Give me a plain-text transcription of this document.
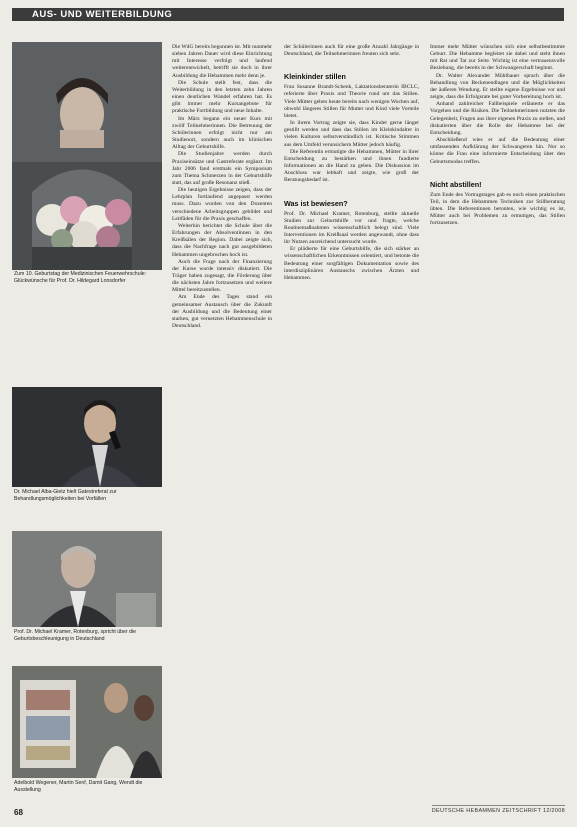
AUS- UND WEITERBILDUNG
Zum 10. Geburtstag der Medizinischen Feuerwehrschule: Glückwünsche für Prof. Dr. Hildegard Lonsdorfer
Dr. Michael Alba-Gietz hielt Gatestreferat zur Behandlungsmöglichkeiten bei Vorfällen
Prof. Dr. Michael Kramer, Rotenburg, spricht über die Geburtsbeschleunigung in Deutschland
Adelbold Wegener, Martin Senf, Damit Gang, Wendt die Ausstellung

Die WdG bereits begonnen ist. Mit nunmehr sieben Jahren Dauer wird diese Einrichtung mit Interesse verfolgt und laufend weiterentwickelt, betrifft sie doch in ihrer Ausbildung die Hebammen mehr denn je.

Die Schule stellt fest, dass die Weiterbildung in den letzten zehn Jahren einen deutlichen Wandel erfahren hat. Es gibt immer mehr Kursangebote für praktische Fortbildung und neue Inhalte.

Im März begann ein neuer Kurs mit zwölf Teilnehmerinnen. Die Betreuung der Schülerinnen erfolgt nicht nur am Studienort, sondern auch im klinischen Alltag der Geburtshilfe.

Die Studienjahre werden durch Praxiseinsätze und Gastreferate ergänzt. Im Jahr 2006 fand erstmals ein Symposium zum Thema Schmerzen in der Geburtshilfe statt, das auf große Resonanz stieß.

Die heutigen Ergebnisse zeigen, dass der Lehrplan fortlaufend angepasst werden muss. Dazu wurden von den Dozenten verschiedene Arbeitsgruppen gebildet und Leitfäden für die Praxis geschaffen.

Weiterhin berichtet die Schule über die Erfahrungen der Absolventinnen in den Kreißsälen der Region. Dabei zeigte sich, dass die Nachfrage nach gut ausgebildeten Hebammen ungebrochen hoch ist.

Auch die Frage nach der Finanzierung der Kurse wurde intensiv diskutiert. Die Träger haben zugesagt, die Förderung über die nächsten Jahre fortzusetzen und weitere Mittel bereitzustellen.

Am Ende des Tages stand ein gemeinsamer Austausch über die Zukunft der Ausbildung und die Bedeutung einer starken, gut vernetzten Hebammenschule in Deutschland.

der Schülerinnen auch für eine große Anzahl Jahrgänge in Deutschland, die Teilnehmerinnen freuten sich sehr.

Kleinkinder stillen

Frau Susanne Brandt-Schenk, Laktationsberaterin IBCLC, referierte über Praxis und Theorie rund um das Stillen. Viele Mütter geben heute bereits nach wenigen Wochen auf, obwohl längeres Stillen für Mutter und Kind viele Vorteile bietet.

In ihrem Vortrag zeigte sie, dass Kinder gerne länger gestillt werden und dass das Stillen im Kleinkindalter in vielen Kulturen selbstverständlich ist. Kritische Stimmen aus dem Umfeld verunsichern Mütter jedoch häufig.

Die Referentin ermutigte die Hebammen, Mütter in ihrer Entscheidung zu bestärken und ihnen fundierte Informationen an die Hand zu geben. Die Diskussion im Anschluss war lebhaft und zeigte, wie groß der Beratungsbedarf ist.

Was ist bewiesen?

Prof. Dr. Michael Kramer, Rotenburg, stellte aktuelle Studien zur Geburtshilfe vor und fragte, welche Routinemaßnahmen wissenschaftlich belegt sind. Viele Interventionen im Kreißsaal werden angewandt, ohne dass ihr Nutzen ausreichend untersucht wurde.

Er plädierte für eine Geburtshilfe, die sich stärker an wissenschaftlichen Erkenntnissen orientiert, und betonte die Bedeutung einer sorgfältigen Dokumentation sowie des interdisziplinären Austauschs zwischen Ärzten und Hebammen.

Immer mehr Mütter wünschen sich eine selbstbestimmte Geburt. Die Hebamme begleitet sie dabei und steht ihnen mit Rat und Tat zur Seite. Wichtig ist eine vertrauensvolle Beziehung, die bereits in der Schwangerschaft beginnt.

Dr. Walter Alexander Mühlbauer sprach über die Behandlung von Beckenendlagen und die Möglichkeiten der äußeren Wendung. Er stellte eigene Ergebnisse vor und zeigte, dass die Erfolgsrate bei guter Vorbereitung hoch ist.

Anhand zahlreicher Fallbeispiele erläuterte er das Vorgehen und die Risiken. Die Teilnehmerinnen nutzten die Gelegenheit, Fragen aus ihrer eigenen Praxis zu stellen, und diskutierten über die Rolle der Hebamme bei der Entscheidung.

Abschließend wies er auf die Bedeutung einer umfassenden Aufklärung der Schwangeren hin. Nur so könne die Frau eine informierte Entscheidung über den Geburtsmodus treffen.

Nicht abstillen!

Zum Ende des Vortragstages gab es noch einen praktischen Teil, in dem die Hebammen Techniken zur Stillberatung übten. Die Referentinnen betonten, wie wichtig es ist, Mütter auch bei Problemen zu ermutigen, das Stillen fortzusetzen.

68	DEUTSCHE HEBAMMEN ZEITSCHRIFT 12/2008
